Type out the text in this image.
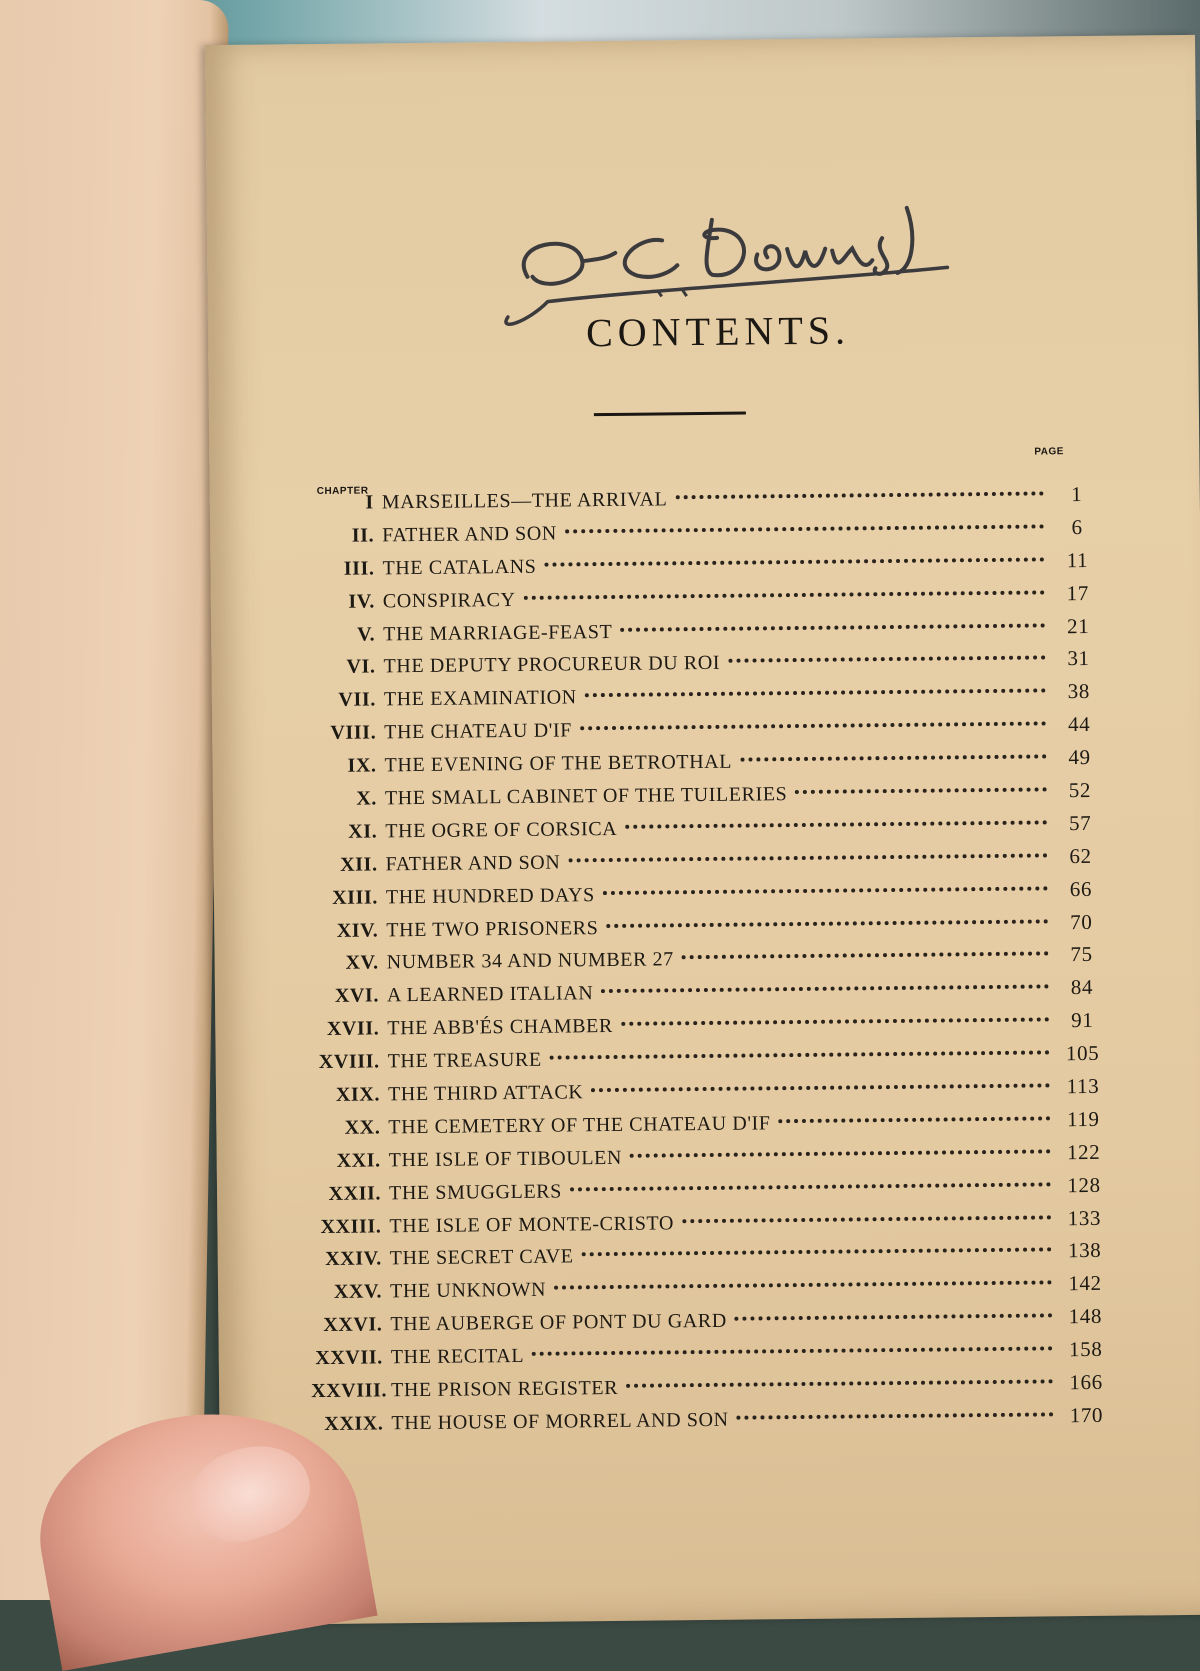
CONTENTS.
CHAPTER
PAGE
I MARSEILLES—THE ARRIVAL	1
II. FATHER AND SON	6
III. THE CATALANS	11
IV. CONSPIRACY	17
V. THE MARRIAGE-FEAST	21
VI. THE DEPUTY PROCUREUR DU ROI	31
VII. THE EXAMINATION	38
VIII. THE CHATEAU D'IF	44
IX. THE EVENING OF THE BETROTHAL	49
X. THE SMALL CABINET OF THE TUILERIES	52
XI. THE OGRE OF CORSICA	57
XII. FATHER AND SON	62
XIII. THE HUNDRED DAYS	66
XIV. THE TWO PRISONERS	70
XV. NUMBER 34 AND NUMBER 27	75
XVI. A LEARNED ITALIAN	84
XVII. THE ABB'ÉS CHAMBER	91
XVIII. THE TREASURE	105
XIX. THE THIRD ATTACK	113
XX. THE CEMETERY OF THE CHATEAU D'IF	119
XXI. THE ISLE OF TIBOULEN	122
XXII. THE SMUGGLERS	128
XXIII. THE ISLE OF MONTE-CRISTO	133
XXIV. THE SECRET CAVE	138
XXV. THE UNKNOWN	142
XXVI. THE AUBERGE OF PONT DU GARD	148
XXVII. THE RECITAL	158
XXVIII. THE PRISON REGISTER	166
XXIX. THE HOUSE OF MORREL AND SON	170
